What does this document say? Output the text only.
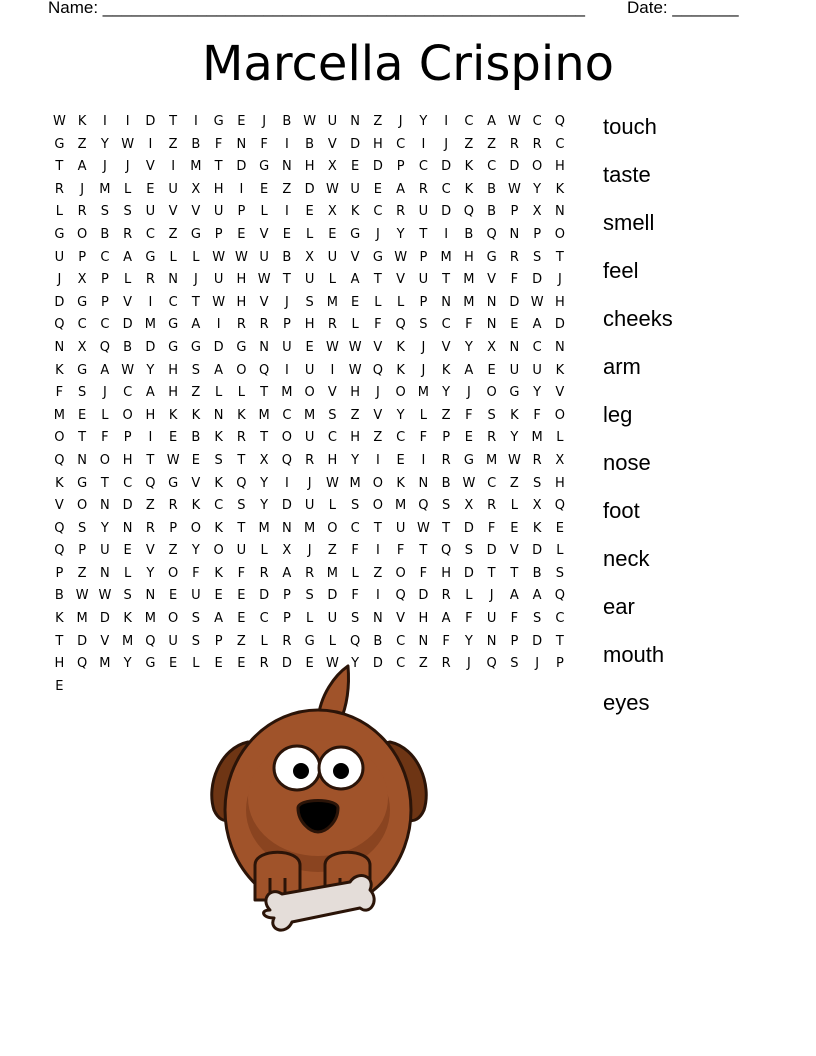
Name: ___________________________________________________ Date: _______
Marcella Crispino
W K	I	I	D	T	I	G	E	J	B W U	N	Z	J	Y	I	C	A W C	Q
G	Z	Y W	I	Z	B	F	N	F	I	B	V	D H	C	I	J	Z	Z	R	R	C
T	A	J	J	V	I	M	T	D G N	H	X	E	D	P	C	D	K	C	D O H
R	J	M	L	E	U	X	H	I	E	Z	D W U	E	A	R	C	K	B W Y	K
L	R	S	S	U	V	V	U	P	L	I	E	X	K	C	R	U D Q	B	P	X	N
G O	B	R	C	Z	G	P	E	V	E	L	E	G	J	Y	T	I	B	Q N	P	O
U	P	C	A	G	L	L W W U	B	X	U	V	G W P	M H G	R	S	T
J	X	P	L	R	N	J	U	H W T	U	L	A	T	V	U	T	M V	F	D	J
D G	P	V	I	C	T W H	V	J	S	M	E	L	L	P	N M N D W H
Q	C	C	D M G	A	I	R	R	P	H	R	L	F	Q	S	C	F	N	E	A	D
N	X	Q	B	D G G D G N	U	E W W V	K	J	V	Y	X	N	C	N
K	G	A W Y	H	S	A	O Q	I	U	I	W Q	K	J	K	A	E	U	U	K
F	S	J	C	A	H	Z	L	L	T	M O	V	H	J	O M	Y	J	O G	Y	V
M	E	L	O H	K	K	N	K M C M	S	Z	V	Y	L	Z	F	S	K	F	O
O	T	F	P	I	E	B	K	R	T	O U	C	H	Z	C	F	P	E	R	Y	M	L
Q N O H	T W E	S	T	X	Q	R	H	Y	I	E	I	R	G M W R	X
K	G	T	C	Q G	V	K	Q	Y	I	J	W M O	K	N	B W C	Z	S	H
V	O N D	Z	R	K	C	S	Y	D U	L	S	O M Q	S	X	R	L	X	Q
Q	S	Y	N	R	P	O	K	T	M N M O	C	T	U W T	D	F	E	K	E
Q	P	U	E	V	Z	Y	O U	L	X	J	Z	F	I	F	T	Q	S	D	V	D	L
P	Z	N	L	Y	O	F	K	F	R	A	R M	L	Z	O	F	H D	T	T	B	S
B W W S	N	E	U	E	E	D	P	S	D	F	I	Q D	R	L	J	A	A	Q
K M D	K M O	S	A	E	C	P	L	U	S	N	V	H	A	F	U	F	S	C
T	D	V M Q U	S	P	Z	L	R	G	L	Q	B	C	N	F	Y	N	P	D	T
H Q M	Y	G	E	L	E	E	R	D	E W Y	D	C	Z	R	J	Q	S	J	P
E
touch
taste
smell
feel
cheeks
arm
leg
nose
foot
neck
ear
mouth
eyes
